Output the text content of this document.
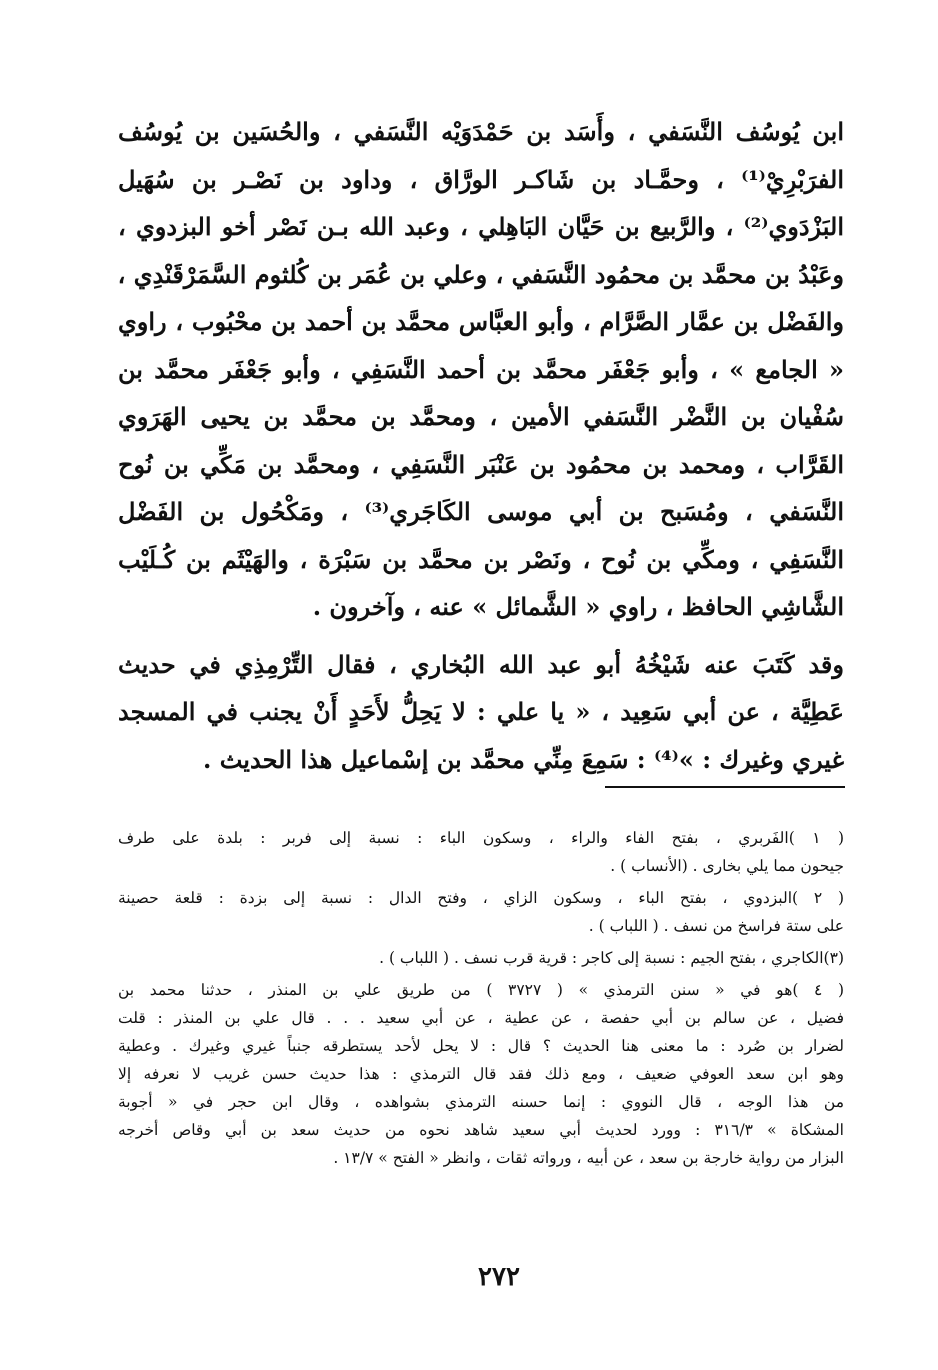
ابن يُوسُف النَّسَفي ، وأَسَد بن حَمْدَوَيْه النَّسَفي ، والحُسَين بن يُوسُف
الفرَبْرِيْ⁽¹⁾ ، وحمَّـاد بن شَاكـر الورَّاق ، وداود بن نَصْـر بن سُهَيل
البَزْدَوي⁽²⁾ ، والرَّبيع بن حَيَّان البَاهِلي ، وعبد الله بـن نَصْر أخو البزدوي ،
وعَبْدُ بن محمَّد بن محمُود النَّسَفي ، وعلي بن عُمَر بن كُلثوم السَّمَرْقَنْدِي ،
والفَضْل بن عمَّار الصَّرَّام ، وأبو العبَّاس محمَّد بن أحمد بن محْبُوب ، راوي
« الجامع » ، وأبو جَعْفَر محمَّد بن أحمد النَّسَفِي ، وأبو جَعْفَر محمَّد بن
سُفْيان بن النَّضْر النَّسَفي الأمين ، ومحمَّد بن محمَّد بن يحيى الهَرَوي
القَرَّاب ، ومحمد بن محمُود بن عَنْبَر النَّسَفِي ، ومحمَّد بن مَكِّي بن نُوح
النَّسَفي ، ومُسَبح بن أبي موسى الكَاجَري⁽³⁾ ، ومَكْحُول بن الفَضْل
النَّسَفِي ، ومكِّي بن نُوح ، ونَصْر بن محمَّد بن سَبْرَة ، والهَيْثَم بن كُـلَيْب
الشَّاشِي الحافظ ، راوي « الشَّمائل » عنه ، وآخرون .
وقد كَتَبَ عنه شَيْخُهُ أبو عبد الله البُخاري ، فقال التِّرْمِذِي في حديث
عَطِيَّة ، عن أبي سَعِيد ، « يا علي : لا يَحِلُّ لأَحَدٍ أَنْ يجنب في المسجد
غيري وغيرك : »⁽⁴⁾ : سَمِعَ مِنِّي محمَّد بن إسْماعيل هذا الحديث .
( ١ )الفَربري ، بفتح الفاء والراء ، وسكون الباء : نسبة إلى فربر : بلدة على طرف
جيحون مما يلي بخارى . (الأنساب ) .
( ٢ )البزدوي ، بفتح الباء ، وسكون الزاي ، وفتح الدال : نسبة إلى بزدة : قلعة حصينة
على ستة فراسخ من نسف . ( اللباب ) .
(٣)الكاجري ، بفتح الجيم : نسبة إلى كاجر : قرية قرب نسف . ( اللباب ) .
( ٤ )هو في « سنن الترمذي » ( ٣٧٢٧ ) من طريق علي بن المنذر ، حدثنا محمد بن
فضيل ، عن سالم بن أبي حفصة ، عن عطية ، عن أبي سعيد . . . قال علي بن المنذر : قلت
لضرار بن صُرد : ما معنى هنا الحديث ؟ قال : لا يحل لأحد يستطرقه جنباً غيري وغيرك . وعطية
وهو ابن سعد العوفي ضعيف ، ومع ذلك فقد قال الترمذي : هذا حديث حسن غريب لا نعرفه إلا
من هذا الوجه ، قال النووي : إنما حسنه الترمذي بشواهده ، وقال ابن حجر في « أجوبة
المشكاة » ٣١٦/٣ : وورد لحديث أبي سعيد شاهد نحوه من حديث سعد بن أبي وقاص أخرجه
البزار من رواية خارجة بن سعد ، عن أبيه ، ورواته ثقات ، وانظر « الفتح » ١٣/٧ .
٢٧٢
